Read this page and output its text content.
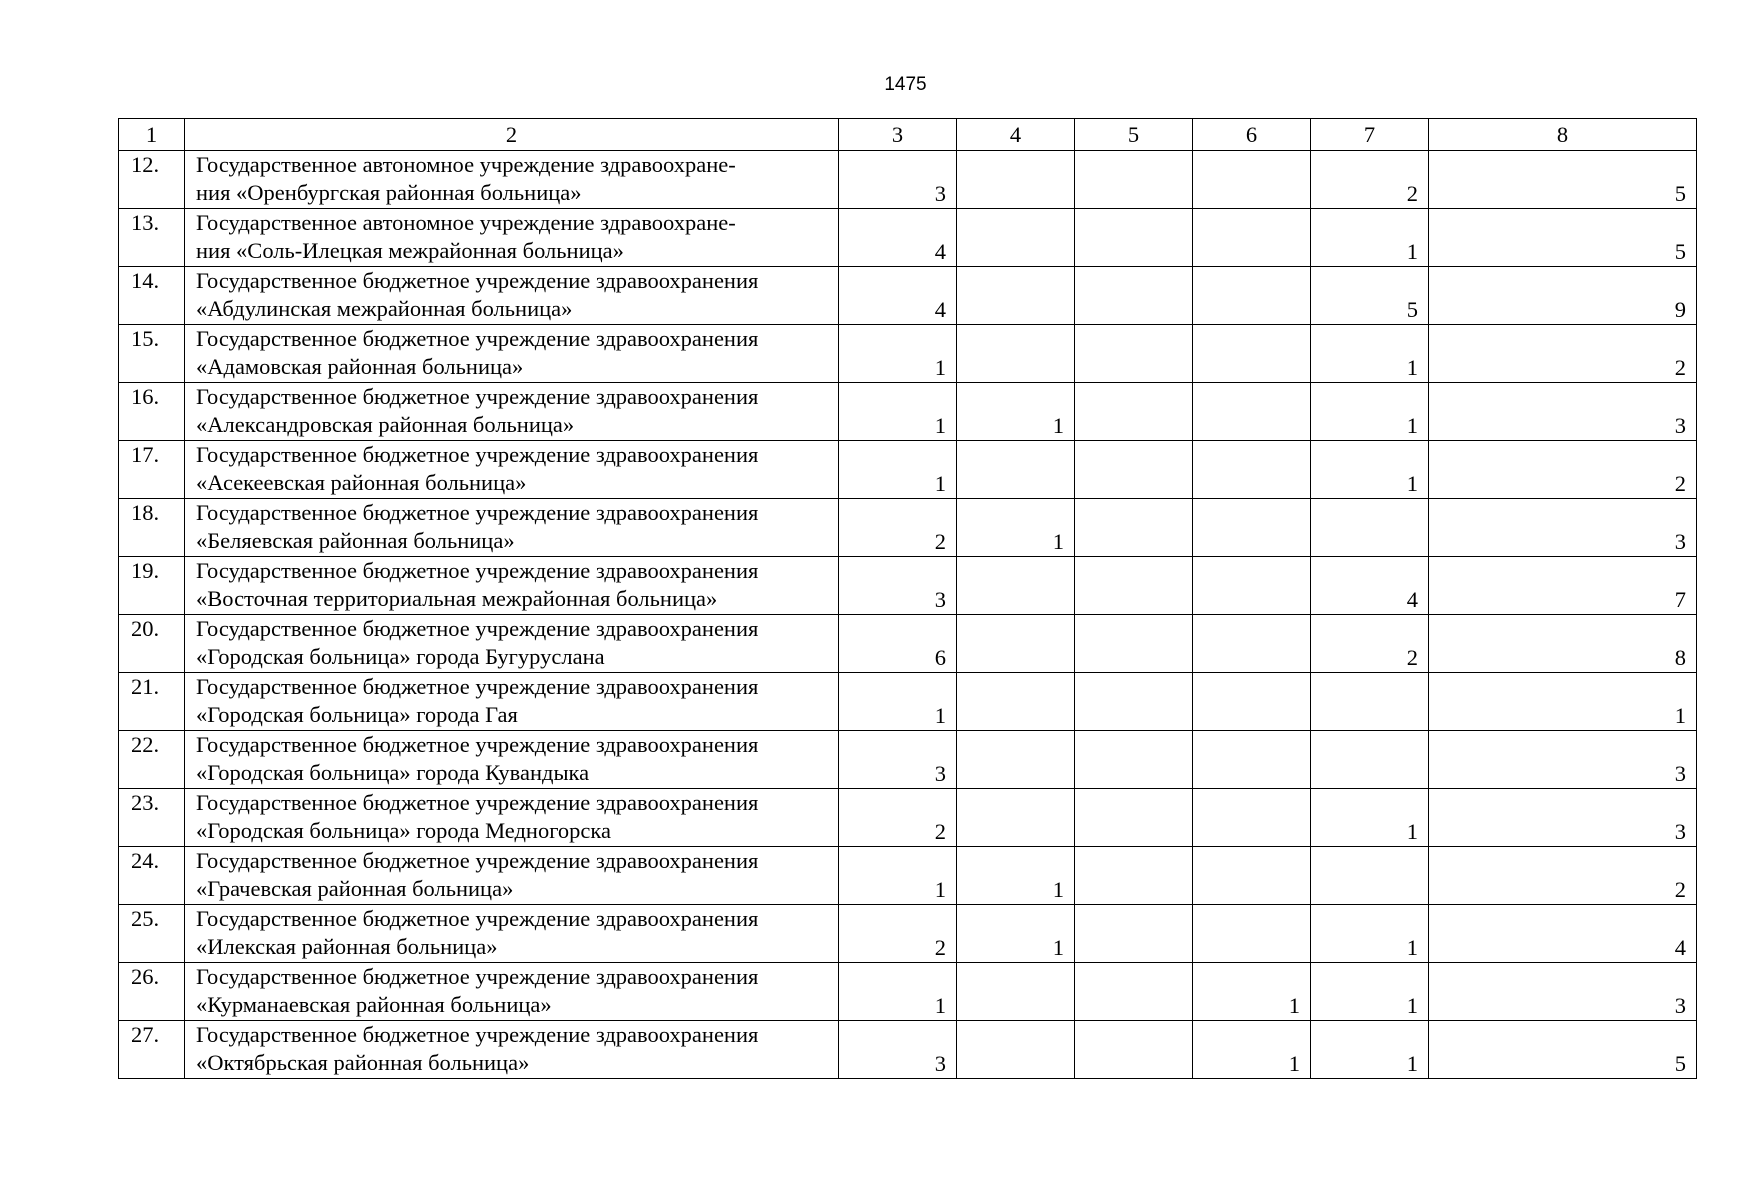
1475
1	2	3	4	5	6	7	8
12.	Государственное автономное учреждение здравоохране-
ния «Оренбургская районная больница»	3				2	5
13.	Государственное автономное учреждение здравоохране-
ния «Соль-Илецкая межрайонная больница»	4				1	5
14.	Государственное бюджетное учреждение здравоохранения
«Абдулинская межрайонная больница»	4				5	9
15.	Государственное бюджетное учреждение здравоохранения
«Адамовская районная больница»	1				1	2
16.	Государственное бюджетное учреждение здравоохранения
«Александровская районная больница»	1	1			1	3
17.	Государственное бюджетное учреждение здравоохранения
«Асекеевская районная больница»	1				1	2
18.	Государственное бюджетное учреждение здравоохранения
«Беляевская районная больница»	2	1				3
19.	Государственное бюджетное учреждение здравоохранения
«Восточная территориальная межрайонная больница»	3				4	7
20.	Государственное бюджетное учреждение здравоохранения
«Городская больница» города Бугуруслана	6				2	8
21.	Государственное бюджетное учреждение здравоохранения
«Городская больница» города Гая	1					1
22.	Государственное бюджетное учреждение здравоохранения
«Городская больница» города Кувандыка	3					3
23.	Государственное бюджетное учреждение здравоохранения
«Городская больница» города Медногорска	2				1	3
24.	Государственное бюджетное учреждение здравоохранения
«Грачевская районная больница»	1	1				2
25.	Государственное бюджетное учреждение здравоохранения
«Илекская районная больница»	2	1			1	4
26.	Государственное бюджетное учреждение здравоохранения
«Курманаевская районная больница»	1			1	1	3
27.	Государственное бюджетное учреждение здравоохранения
«Октябрьская районная больница»	3			1	1	5
